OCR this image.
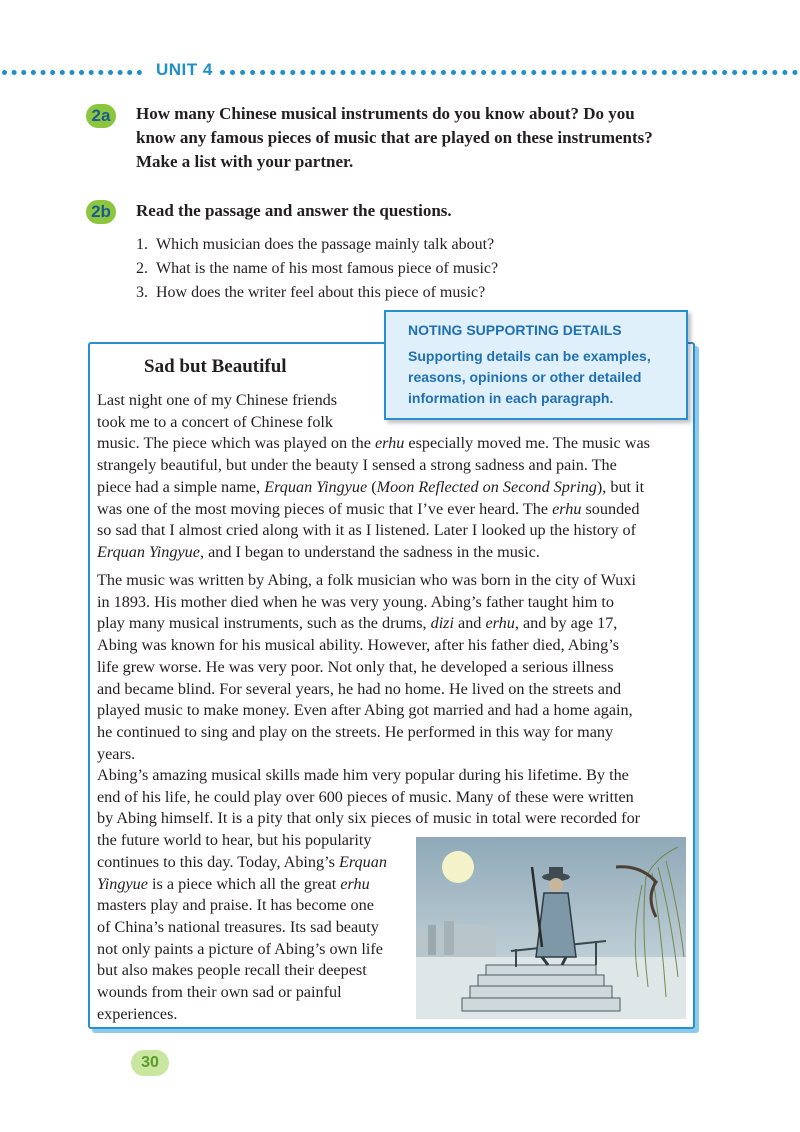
UNIT 4
2a	How many Chinese musical instruments do you know about? Do you
know any famous pieces of music that are played on these instruments?
Make a list with your partner.
2b Read the passage and answer the questions.
1. Which musician does the passage mainly talk about?
2. What is the name of his most famous piece of music?
3. How does the writer feel about this piece of music?
Sad but Beautiful
Last night one of my Chinese friends
took me to a concert of Chinese folk
music. The piece which was played on the erhu especially moved me. The music was
strangely beautiful, but under the beauty I sensed a strong sadness and pain. The
piece had a simple name, Erquan Yingyue (Moon Reflected on Second Spring), but it
was one of the most moving pieces of music that I’ve ever heard. The erhu sounded
so sad that I almost cried along with it as I listened. Later I looked up the history of
Erquan Yingyue, and I began to understand the sadness in the music.
The music was written by Abing, a folk musician who was born in the city of Wuxi
in 1893. His mother died when he was very young. Abing’s father taught him to
play many musical instruments, such as the drums, dizi and erhu, and by age 17,
Abing was known for his musical ability. However, after his father died, Abing’s
life grew worse. He was very poor. Not only that, he developed a serious illness
and became blind. For several years, he had no home. He lived on the streets and
played music to make money. Even after Abing got married and had a home again,
he continued to sing and play on the streets. He performed in this way for many
years.
Abing’s amazing musical skills made him very popular during his lifetime. By the
end of his life, he could play over 600 pieces of music. Many of these were written
by Abing himself. It is a pity that only six pieces of music in total were recorded for
the future world to hear, but his popularity
continues to this day. Today, Abing’s Erquan
Yingyue is a piece which all the great erhu
masters play and praise. It has become one
of China’s national treasures. Its sad beauty
not only paints a picture of Abing’s own life
but also makes people recall their deepest
wounds from their own sad or painful
experiences.
NOTING SUPPORTING DETAILS
Supporting details can be examples, reasons, opinions or other detailed information in each paragraph.
30
